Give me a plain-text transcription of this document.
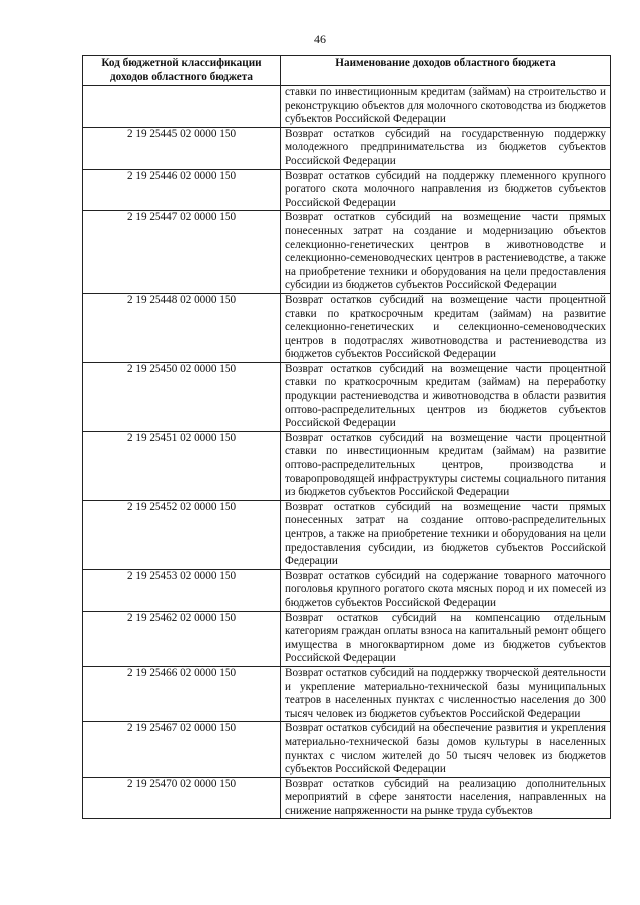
46
Код бюджетной классификации доходов областного бюджета	Наименование доходов областного бюджета
	ставки по инвестиционным кредитам (займам) на строительство и реконструкцию объектов для молочного скотоводства из бюджетов субъектов Российской Федерации
2 19 25445 02 0000 150	Возврат остатков субсидий на государственную поддержку молодежного предпринимательства из бюджетов субъектов Российской Федерации
2 19 25446 02 0000 150	Возврат остатков субсидий на поддержку племенного крупного рогатого скота молочного направления из бюджетов субъектов Российской Федерации
2 19 25447 02 0000 150	Возврат остатков субсидий на возмещение части прямых понесенных затрат на создание и модернизацию объектов селекционно-генетических центров в животноводстве и селекционно-семеноводческих центров в растениеводстве, а также на приобретение техники и оборудования на цели предоставления субсидии из бюджетов субъектов Российской Федерации
2 19 25448 02 0000 150	Возврат остатков субсидий на возмещение части процентной ставки по краткосрочным кредитам (займам) на развитие селекционно-генетических и селекционно-семеноводческих центров в подотраслях животноводства и растениеводства из бюджетов субъектов Российской Федерации
2 19 25450 02 0000 150	Возврат остатков субсидий на возмещение части процентной ставки по краткосрочным кредитам (займам) на переработку продукции растениеводства и животноводства в области развития оптово-распределительных центров из бюджетов субъектов Российской Федерации
2 19 25451 02 0000 150	Возврат остатков субсидий на возмещение части процентной ставки по инвестиционным кредитам (займам) на развитие оптово-распределительных центров, производства и товаропроводящей инфраструктуры системы социального питания из бюджетов субъектов Российской Федерации
2 19 25452 02 0000 150	Возврат остатков субсидий на возмещение части прямых понесенных затрат на создание оптово-распределительных центров, а также на приобретение техники и оборудования на цели предоставления субсидии, из бюджетов субъектов Российской Федерации
2 19 25453 02 0000 150	Возврат остатков субсидий на содержание товарного маточного поголовья крупного рогатого скота мясных пород и их помесей из бюджетов субъектов Российской Федерации
2 19 25462 02 0000 150	Возврат остатков субсидий на компенсацию отдельным категориям граждан оплаты взноса на капитальный ремонт общего имущества в многоквартирном доме из бюджетов субъектов Российской Федерации
2 19 25466 02 0000 150	Возврат остатков субсидий на поддержку творческой деятельности и укрепление материально-технической базы муниципальных театров в населенных пунктах с численностью населения до 300 тысяч человек из бюджетов субъектов Российской Федерации
2 19 25467 02 0000 150	Возврат остатков субсидий на обеспечение развития и укрепления материально-технической базы домов культуры в населенных пунктах с числом жителей до 50 тысяч человек из бюджетов субъектов Российской Федерации
2 19 25470 02 0000 150	Возврат остатков субсидий на реализацию дополнительных мероприятий в сфере занятости населения, направленных на снижение напряженности на рынке труда субъектов
